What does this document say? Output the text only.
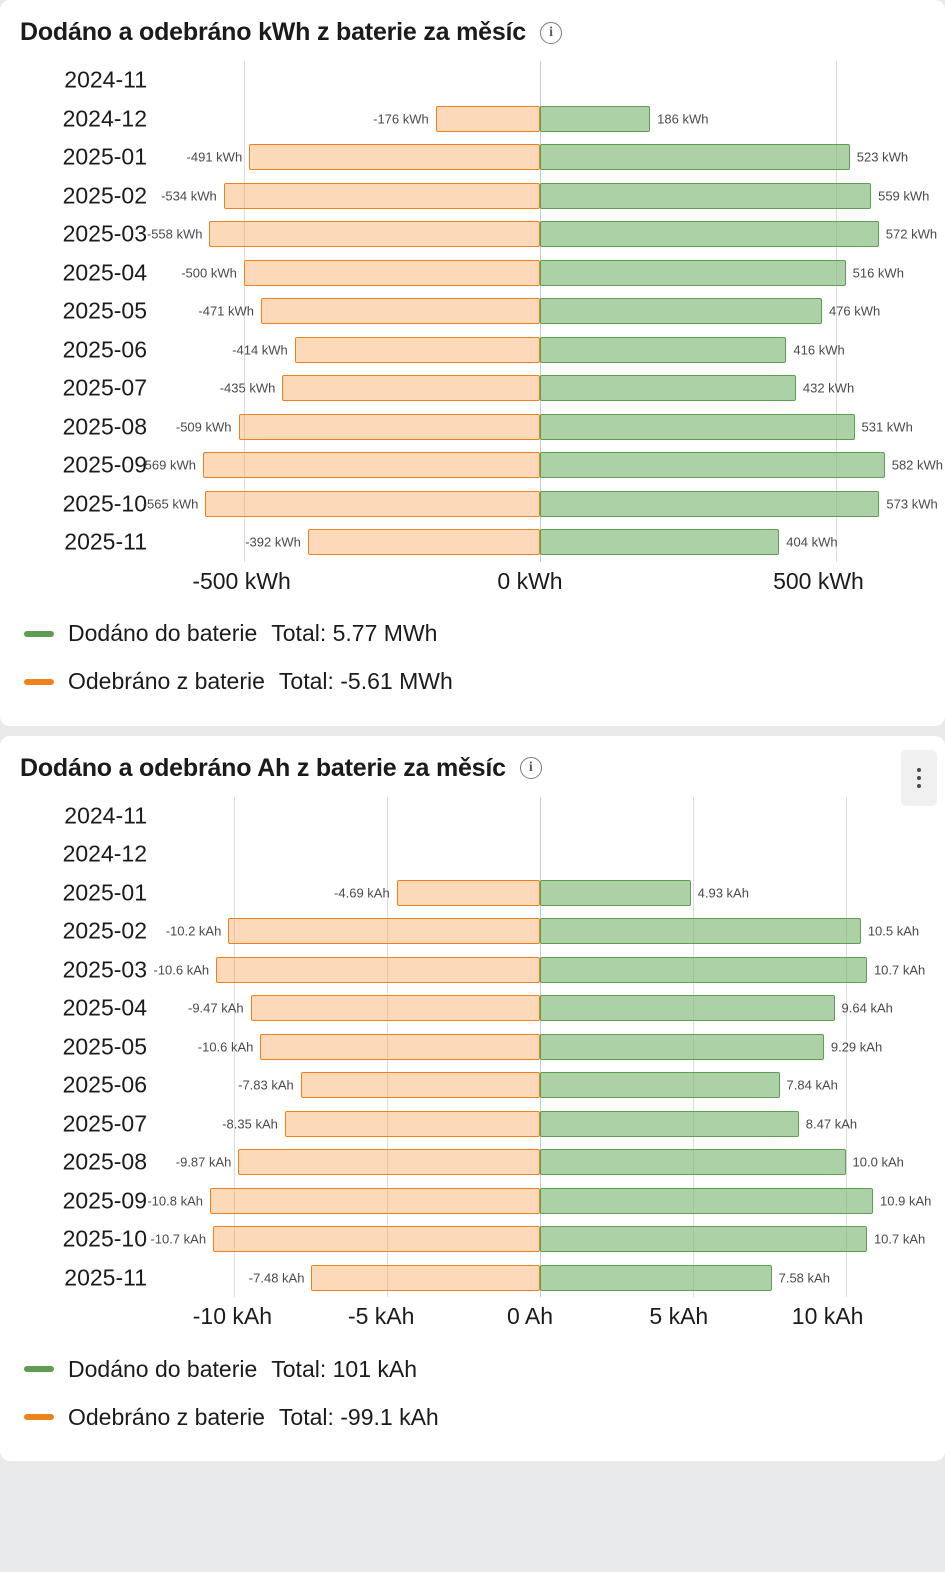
Dodáno a odebráno kWh z baterie za měsíc	i
2024-11
2024-12
2025-01
2025-02
2025-03
2025-04
2025-05
2025-06
2025-07
2025-08
2025-09
2025-10
2025-11
186 kWh
-176 kWh
523 kWh
-491 kWh
559 kWh
-534 kWh
572 kWh
-558 kWh
516 kWh
-500 kWh
476 kWh
-471 kWh
416 kWh
-414 kWh
432 kWh
-435 kWh
531 kWh
-509 kWh
582 kWh
-569 kWh
573 kWh
-565 kWh
404 kWh
-392 kWh
-500 kWh	0 kWh	500 kWh
Dodáno do baterie Total: 5.77 MWh
Odebráno z baterie Total: -5.61 MWh
Dodáno a odebráno Ah z baterie za měsíc	i
2024-11
2024-12
2025-01
2025-02
2025-03
2025-04
2025-05
2025-06
2025-07
2025-08
2025-09
2025-10
2025-11
4.93 kAh
-4.69 kAh
10.5 kAh
-10.2 kAh
10.7 kAh
-10.6 kAh
9.64 kAh
-9.47 kAh
9.29 kAh
-10.6 kAh
7.84 kAh
-7.83 kAh
8.47 kAh
-8.35 kAh
10.0 kAh
-9.87 kAh
10.9 kAh
-10.8 kAh
10.7 kAh
-10.7 kAh
7.58 kAh
-7.48 kAh
-10 kAh	-5 kAh	0 Ah	5 kAh	10 kAh
Dodáno do baterie Total: 101 kAh
Odebráno z baterie Total: -99.1 kAh
